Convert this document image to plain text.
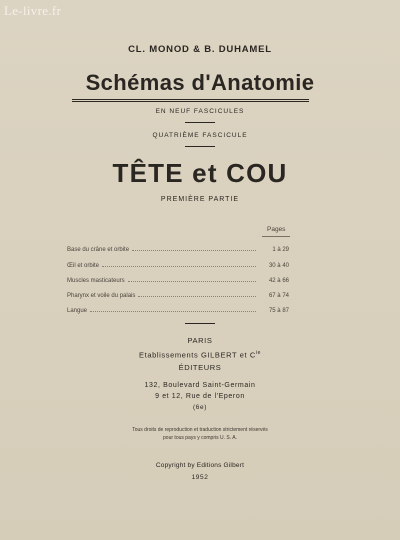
Le-livre.fr
CL. MONOD & B. DUHAMEL
Schémas d'Anatomie
EN NEUF FASCICULES
QUATRIÈME FASCICULE
TÊTE et COU
PREMIÈRE PARTIE
Pages
Base du crâne et orbite	1 à 29
Œil et orbite	30 à 40
Muscles masticateurs	42 à 66
Pharynx et voile du palais	67 à 74
Langue	75 à 87
PARIS
Etablissements GILBERT et $C^{ie}$
ÉDITEURS
132, Boulevard Saint-Germain
9 et 12, Rue de l'Eperon
(6e)
Tous droits de reproduction et traduction strictement réservés
pour tous pays y compris U. S. A.
Copyright by Editions Gilbert
1952
